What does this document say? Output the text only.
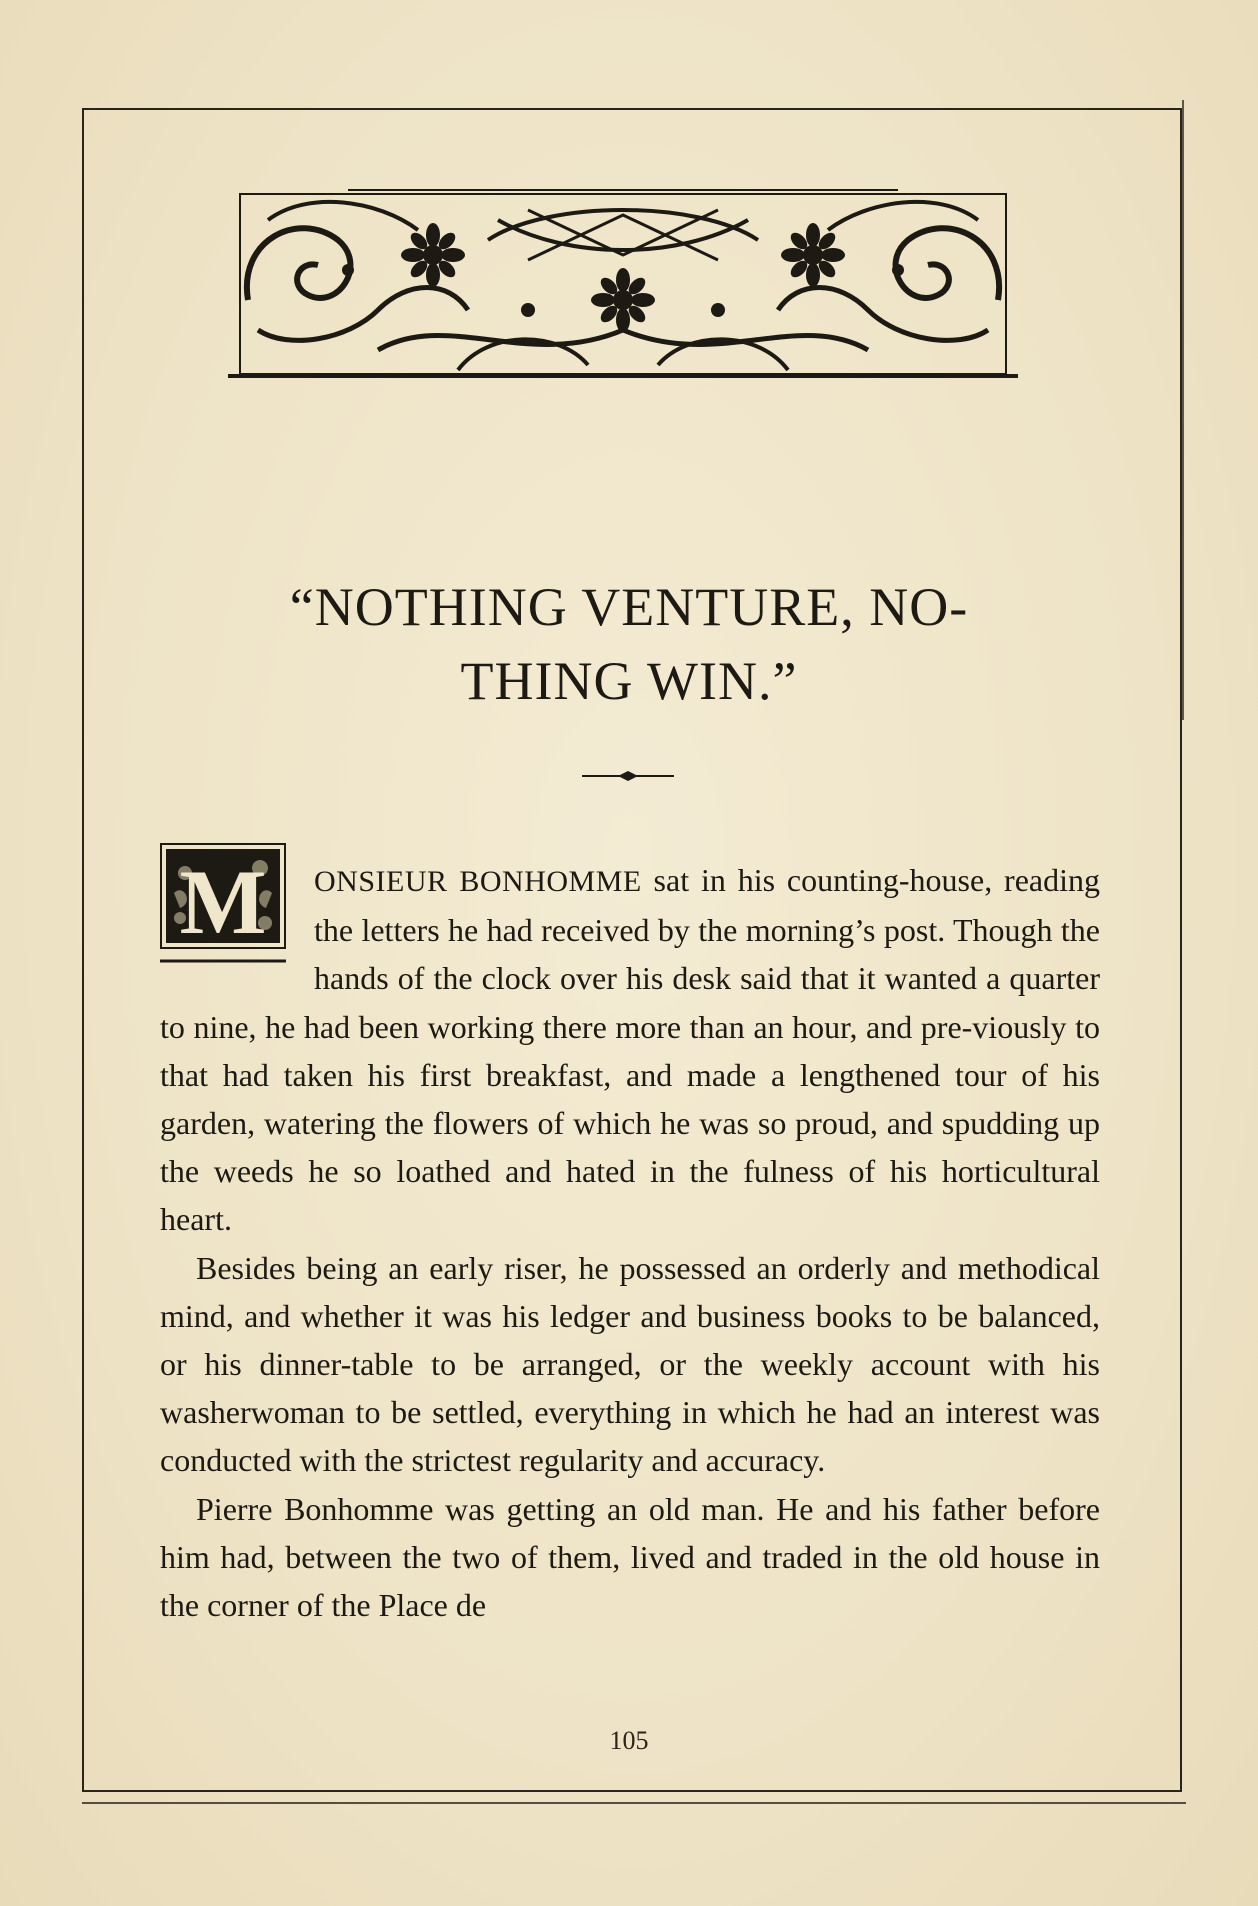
“NOTHING VENTURE, NO-
THING WIN.”
M	ONSIEUR BONHOMME sat in his counting-house, reading the letters he had received by the morning’s post. Though the hands of the clock over his desk said that it wanted a quarter to nine, he had been working there more than an hour, and pre-viously to that had taken his first breakfast, and made a lengthened tour of his garden, watering the flowers of which he was so proud, and spudding up the weeds he so loathed and hated in the fulness of his horticultural heart.

Besides being an early riser, he possessed an orderly and methodical mind, and whether it was his ledger and business books to be balanced, or his dinner-table to be arranged, or the weekly account with his washerwoman to be settled, everything in which he had an interest was conducted with the strictest regularity and accuracy.

Pierre Bonhomme was getting an old man. He and his father before him had, between the two of them, lived and traded in the old house in the corner of the Place de

105
